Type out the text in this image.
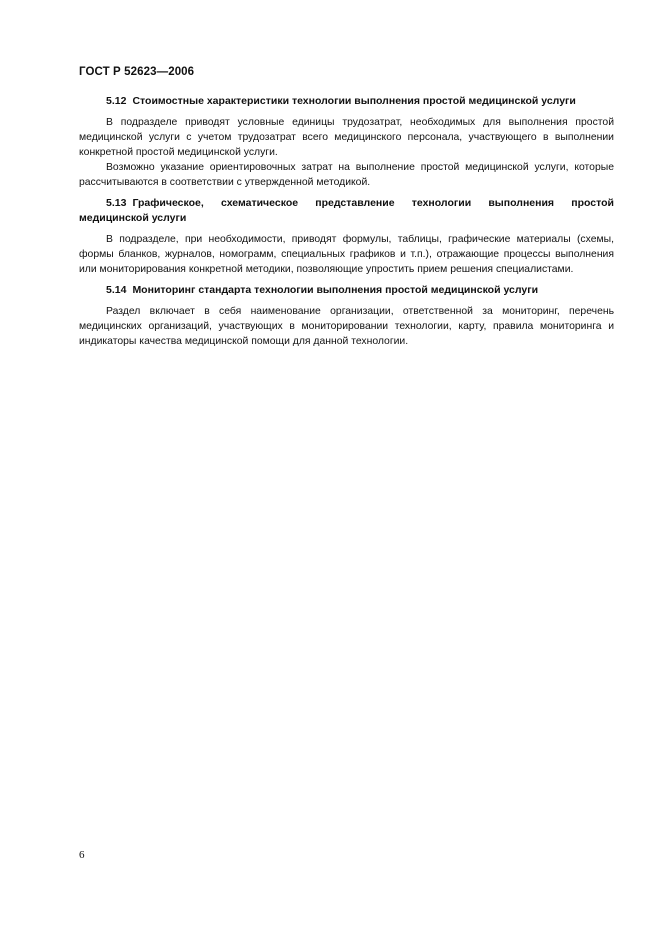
ГОСТ Р 52623—2006

5.12 Стоимостные характеристики технологии выполнения простой медицинской услуги

В подразделе приводят условные единицы трудозатрат, необходимых для выполнения простой медицинской услуги с учетом трудозатрат всего медицинского персонала, участвующего в выполнении конкретной простой медицинской услуги.

Возможно указание ориентировочных затрат на выполнение простой медицинской услуги, которые рассчитываются в соответствии с утвержденной методикой.

5.13 Графическое, схематическое представление технологии выполнения простой медицинской услуги

В подразделе, при необходимости, приводят формулы, таблицы, графические материалы (схемы, формы бланков, журналов, номограмм, специальных графиков и т.п.), отражающие процессы выполнения или мониторирования конкретной методики, позволяющие упростить прием решения специалистами.

5.14 Мониторинг стандарта технологии выполнения простой медицинской услуги

Раздел включает в себя наименование организации, ответственной за мониторинг, перечень медицинских организаций, участвующих в мониторировании технологии, карту, правила мониторинга и индикаторы качества медицинской помощи для данной технологии.

6
